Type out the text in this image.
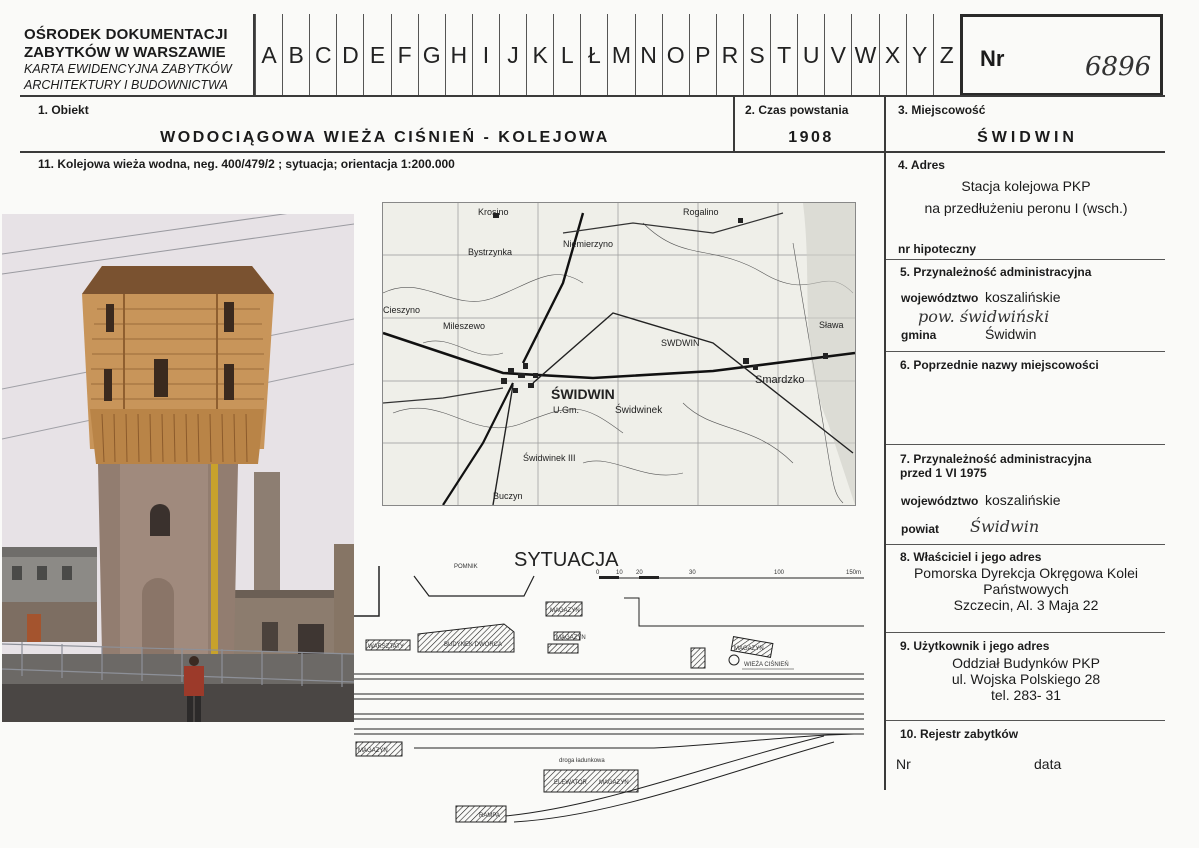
OŚRODEK DOKUMENTACJI
ZABYTKÓW W WARSZAWIE
KARTA EWIDENCYJNA ZABYTKÓW
ARCHITEKTURY I BUDOWNICTWA
A B C D E F G H I J K L Ł M N O P R S T U V W X Y Z Nr	6896
1. Obiekt
WODOCIĄGOWA WIEŻA CIŚNIEŃ - KOLEJOWA
2. Czas powstania
1908
3. Miejscowość
ŚWIDWIN
11. Kolejowa wieża wodna, neg. 400/479/2 ; sytuacja; orientacja 1:200.000	4. Adres
Stacja kolejowa PKP
na przedłużeniu peronu I (wsch.)
nr hipoteczny
5. Przynależność administracyjna
województwo koszalińskie
pow. świdwiński
gmina	Świdwin
6. Poprzednie nazwy miejscowości
7. Przynależność administracyjna
przed 1 VI 1975
województwo koszalińskie
powiat Świdwin
8. Właściciel i jego adres
Pomorska Dyrekcja Okręgowa Kolei
Państwowych
Szczecin, Al. 3 Maja 22
9. Użytkownik i jego adres
Oddział Budynków PKP
ul. Wojska Polskiego 28
tel. 283- 31
10. Rejestr zabytków
Nr	data
Krosino
Niemierzyno
Rogalino
Bystrzynka
Cieszyno
Mileszewo
ŚWIDWIN
SWDWIN
Smardzko
Sława
Świdwinek
Świdwinek III
Buczyn
U.Gm.
SYTUACJA
0	10 20	30	100	150m
POMNIK
MAGAZYN
BUDYNEK DWORCA
WARSZTATY
MAGAZYN
MAGAZYN
WIEŻA CIŚNIEŃ
MAGAZYN
droga ładunkowa
ELEWATOR MAGAZYN
RAMPA
